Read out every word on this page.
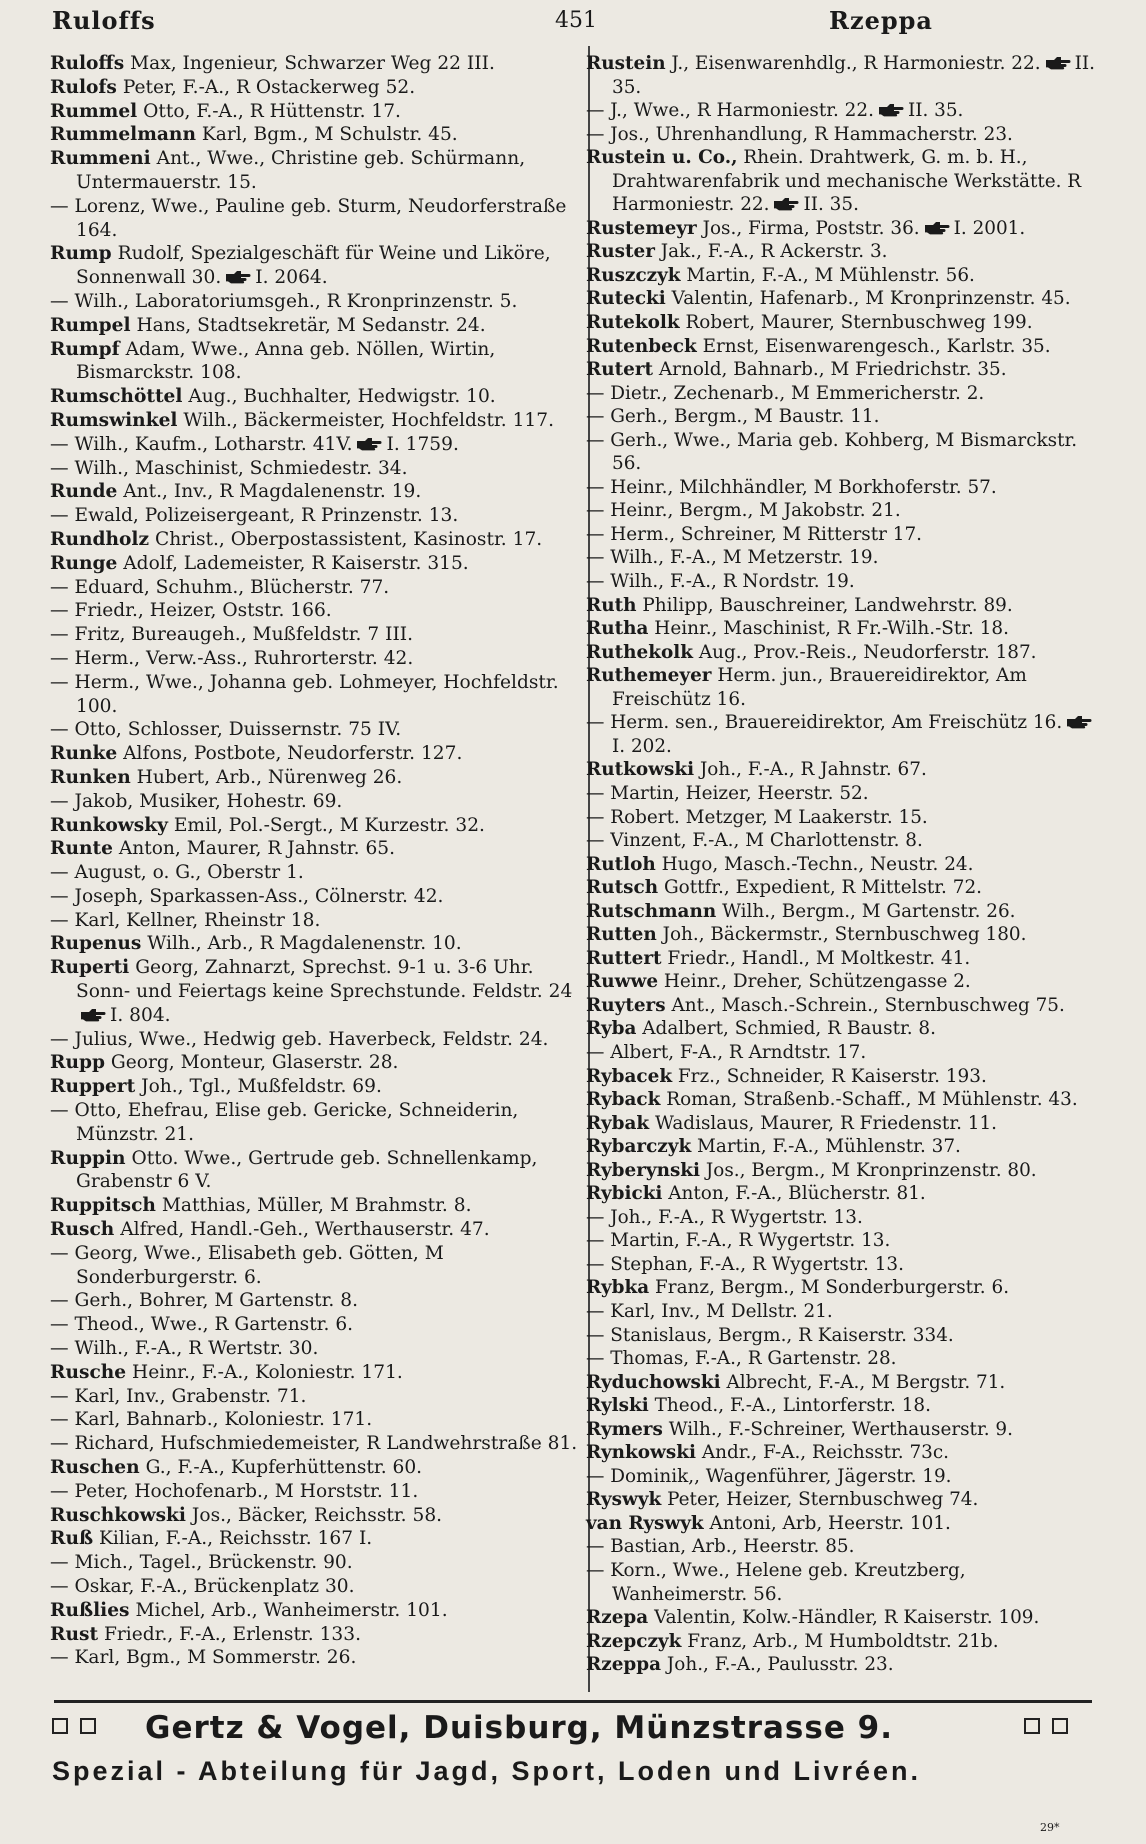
Ruloffs	451	Rzeppa

Ruloffs Max, Ingenieur, Schwarzer Weg 22 III.

Rulofs Peter, F.-A., R Ostackerweg 52.

Rummel Otto, F.-A., R Hüttenstr. 17.

Rummelmann Karl, Bgm., M Schulstr. 45.

Rummeni Ant., Wwe., Christine geb. Schürmann, Untermauerstr. 15.

— Lorenz, Wwe., Pauline geb. Sturm, Neudorferstraße 164.

Rump Rudolf, Spezialgeschäft für Weine und Liköre, Sonnenwall 30. I. 2064.

— Wilh., Laboratoriumsgeh., R Kronprinzenstr. 5.

Rumpel Hans, Stadtsekretär, M Sedanstr. 24.

Rumpf Adam, Wwe., Anna geb. Nöllen, Wirtin, Bismarckstr. 108.

Rumschöttel Aug., Buchhalter, Hedwigstr. 10.

Rumswinkel Wilh., Bäckermeister, Hochfeldstr. 117.

— Wilh., Kaufm., Lotharstr. 41V. I. 1759.

— Wilh., Maschinist, Schmiedestr. 34.

Runde Ant., Inv., R Magdalenenstr. 19.

— Ewald, Polizeisergeant, R Prinzenstr. 13.

Rundholz Christ., Oberpostassistent, Kasinostr. 17.

Runge Adolf, Lademeister, R Kaiserstr. 315.

— Eduard, Schuhm., Blücherstr. 77.

— Friedr., Heizer, Oststr. 166.

— Fritz, Bureaugeh., Mußfeldstr. 7 III.

— Herm., Verw.-Ass., Ruhrorterstr. 42.

— Herm., Wwe., Johanna geb. Lohmeyer, Hochfeldstr. 100.

— Otto, Schlosser, Duissernstr. 75 IV.

Runke Alfons, Postbote, Neudorferstr. 127.

Runken Hubert, Arb., Nürenweg 26.

— Jakob, Musiker, Hohestr. 69.

Runkowsky Emil, Pol.-Sergt., M Kurzestr. 32.

Runte Anton, Maurer, R Jahnstr. 65.

— August, o. G., Oberstr 1.

— Joseph, Sparkassen-Ass., Cölnerstr. 42.

— Karl, Kellner, Rheinstr 18.

Rupenus Wilh., Arb., R Magdalenenstr. 10.

Ruperti Georg, Zahnarzt, Sprechst. 9-1 u. 3-6 Uhr. Sonn- und Feiertags keine Sprechstunde. Feldstr. 24I. 804.

— Julius, Wwe., Hedwig geb. Haverbeck, Feldstr. 24.

Rupp Georg, Monteur, Glaserstr. 28.

Ruppert Joh., Tgl., Mußfeldstr. 69.

— Otto, Ehefrau, Elise geb. Gericke, Schneiderin, Münzstr. 21.

Ruppin Otto. Wwe., Gertrude geb. Schnellenkamp, Grabenstr 6 V.

Ruppitsch Matthias, Müller, M Brahmstr. 8.

Rusch Alfred, Handl.-Geh., Werthauserstr. 47.

— Georg, Wwe., Elisabeth geb. Götten, M Sonderburgerstr. 6.

— Gerh., Bohrer, M Gartenstr. 8.

— Theod., Wwe., R Gartenstr. 6.

— Wilh., F.-A., R Wertstr. 30.

Rusche Heinr., F.-A., Koloniestr. 171.

— Karl, Inv., Grabenstr. 71.

— Karl, Bahnarb., Koloniestr. 171.

— Richard, Hufschmiedemeister, R Landwehrstraße 81.

Ruschen G., F.-A., Kupferhüttenstr. 60.

— Peter, Hochofenarb., M Horststr. 11.

Ruschkowski Jos., Bäcker, Reichsstr. 58.

Ruß Kilian, F.-A., Reichsstr. 167 I.

— Mich., Tagel., Brückenstr. 90.

— Oskar, F.-A., Brückenplatz 30.

Rußlies Michel, Arb., Wanheimerstr. 101.

Rust Friedr., F.-A., Erlenstr. 133.

— Karl, Bgm., M Sommerstr. 26.

Rustein J., Eisenwarenhdlg., R Harmoniestr. 22. II. 35.

— J., Wwe., R Harmoniestr. 22. II. 35.

— Jos., Uhrenhandlung, R Hammacherstr. 23.

Rustein u. Co., Rhein. Drahtwerk, G. m. b. H., Drahtwarenfabrik und mechanische Werkstätte. R Harmoniestr. 22. II. 35.

Rustemeyr Jos., Firma, Poststr. 36. I. 2001.

Ruster Jak., F.-A., R Ackerstr. 3.

Ruszczyk Martin, F.-A., M Mühlenstr. 56.

Rutecki Valentin, Hafenarb., M Kronprinzenstr. 45.

Rutekolk Robert, Maurer, Sternbuschweg 199.

Rutenbeck Ernst, Eisenwarengesch., Karlstr. 35.

Rutert Arnold, Bahnarb., M Friedrichstr. 35.

— Dietr., Zechenarb., M Emmericherstr. 2.

— Gerh., Bergm., M Baustr. 11.

— Gerh., Wwe., Maria geb. Kohberg, M Bismarckstr. 56.

— Heinr., Milchhändler, M Borkhoferstr. 57.

— Heinr., Bergm., M Jakobstr. 21.

— Herm., Schreiner, M Ritterstr 17.

— Wilh., F.-A., M Metzerstr. 19.

— Wilh., F.-A., R Nordstr. 19.

Ruth Philipp, Bauschreiner, Landwehrstr. 89.

Rutha Heinr., Maschinist, R Fr.-Wilh.-Str. 18.

Ruthekolk Aug., Prov.-Reis., Neudorferstr. 187.

Ruthemeyer Herm. jun., Brauereidirektor, Am Freischütz 16.

— Herm. sen., Brauereidirektor, Am Freischütz 16.I. 202.

Rutkowski Joh., F.-A., R Jahnstr. 67.

— Martin, Heizer, Heerstr. 52.

— Robert. Metzger, M Laakerstr. 15.

— Vinzent, F.-A., M Charlottenstr. 8.

Rutloh Hugo, Masch.-Techn., Neustr. 24.

Rutsch Gottfr., Expedient, R Mittelstr. 72.

Rutschmann Wilh., Bergm., M Gartenstr. 26.

Rutten Joh., Bäckermstr., Sternbuschweg 180.

Ruttert Friedr., Handl., M Moltkestr. 41.

Ruwwe Heinr., Dreher, Schützengasse 2.

Ruyters Ant., Masch.-Schrein., Sternbuschweg 75.

Ryba Adalbert, Schmied, R Baustr. 8.

— Albert, F-A., R Arndtstr. 17.

Rybacek Frz., Schneider, R Kaiserstr. 193.

Ryback Roman, Straßenb.-Schaff., M Mühlenstr. 43.

Rybak Wadislaus, Maurer, R Friedenstr. 11.

Rybarczyk Martin, F.-A., Mühlenstr. 37.

Ryberynski Jos., Bergm., M Kronprinzenstr. 80.

Rybicki Anton, F.-A., Blücherstr. 81.

— Joh., F.-A., R Wygertstr. 13.

— Martin, F.-A., R Wygertstr. 13.

— Stephan, F.-A., R Wygertstr. 13.

Rybka Franz, Bergm., M Sonderburgerstr. 6.

— Karl, Inv., M Dellstr. 21.

— Stanislaus, Bergm., R Kaiserstr. 334.

— Thomas, F.-A., R Gartenstr. 28.

Ryduchowski Albrecht, F.-A., M Bergstr. 71.

Rylski Theod., F.-A., Lintorferstr. 18.

Rymers Wilh., F.-Schreiner, Werthauserstr. 9.

Rynkowski Andr., F-A., Reichsstr. 73c.

— Dominik,, Wagenführer, Jägerstr. 19.

Ryswyk Peter, Heizer, Sternbuschweg 74.

van Ryswyk Antoni, Arb, Heerstr. 101.

— Bastian, Arb., Heerstr. 85.

— Korn., Wwe., Helene geb. Kreutzberg, Wanheimerstr. 56.

Rzepa Valentin, Kolw.-Händler, R Kaiserstr. 109.

Rzepczyk Franz, Arb., M Humboldtstr. 21b.

Rzeppa Joh., F.-A., Paulusstr. 23.

Gertz & Vogel, Duisburg, Münzstrasse 9.
Spezial - Abteilung für Jagd, Sport, Loden und Livréen.
29*
